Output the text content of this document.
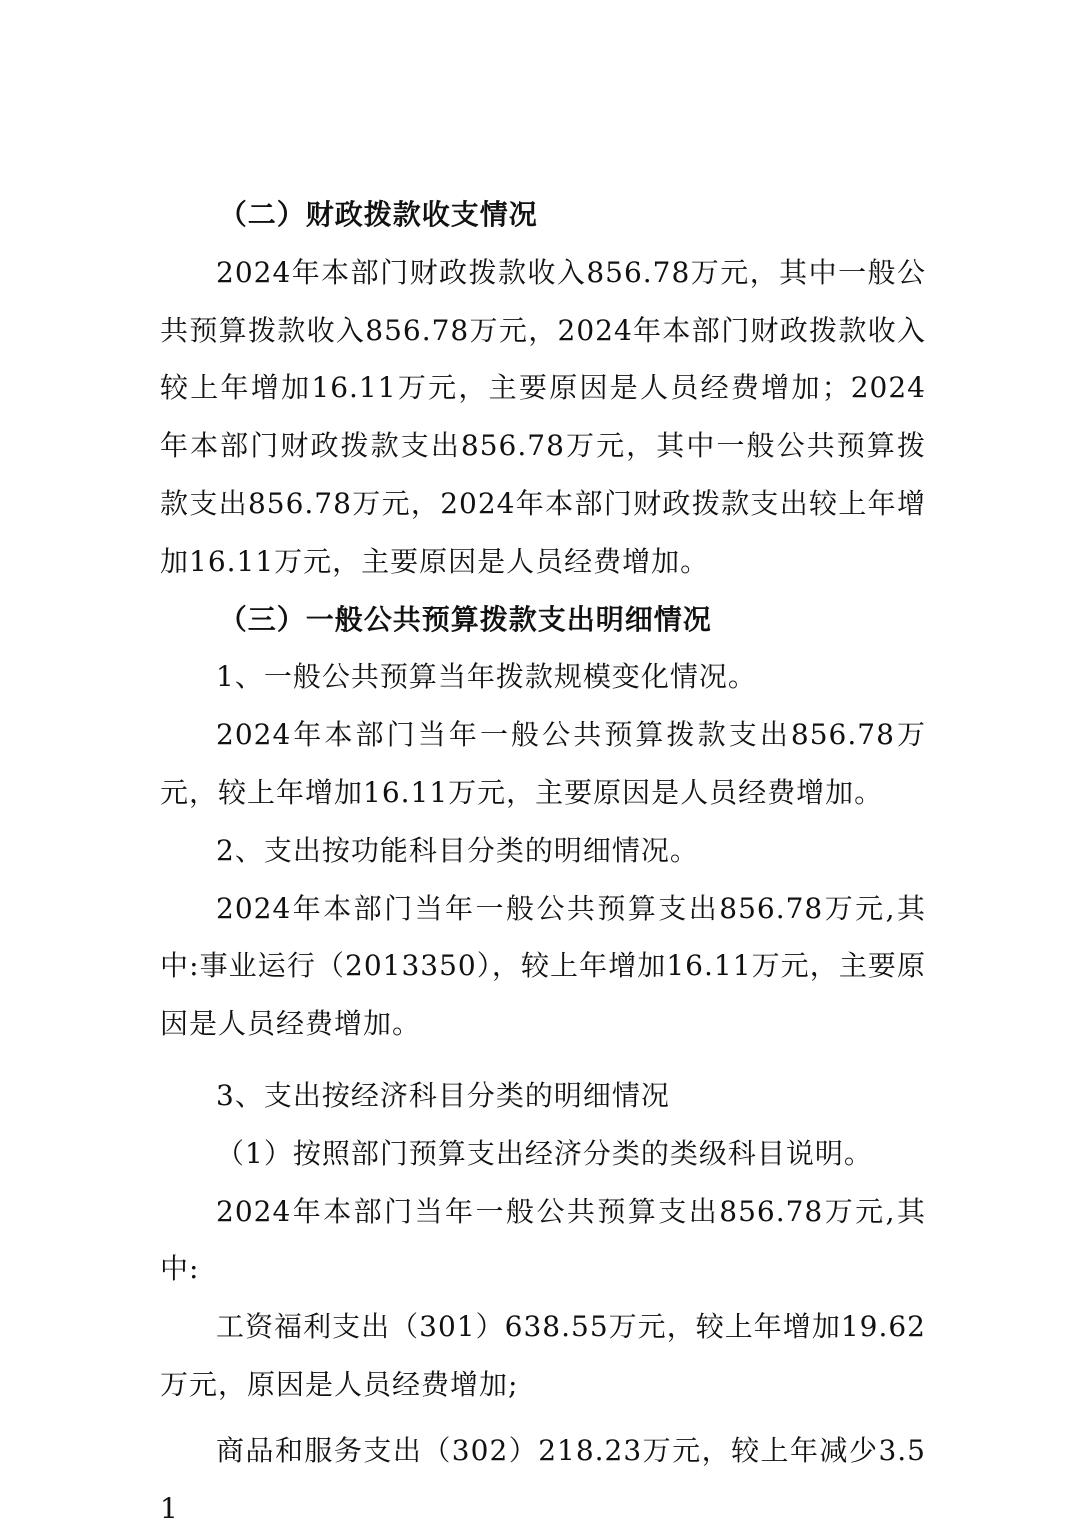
（二）财政拨款收支情况

2024年本部门财政拨款收入856.78万元，其中一般公共预算拨款收入856.78万元，2024年本部门财政拨款收入较上年增加16.11万元，主要原因是人员经费增加；2024年本部门财政拨款支出856.78万元，其中一般公共预算拨款支出856.78万元，2024年本部门财政拨款支出较上年增加16.11万元，主要原因是人员经费增加。

（三）一般公共预算拨款支出明细情况

1、一般公共预算当年拨款规模变化情况。

2024年本部门当年一般公共预算拨款支出856.78万元，较上年增加16.11万元，主要原因是人员经费增加。

2、支出按功能科目分类的明细情况。

2024年本部门当年一般公共预算支出856.78万元,其中:事业运行（2013350），较上年增加16.11万元，主要原因是人员经费增加。

3、支出按经济科目分类的明细情况

（1）按照部门预算支出经济分类的类级科目说明。

2024年本部门当年一般公共预算支出856.78万元,其中:

工资福利支出（301）638.55万元，较上年增加19.62万元，原因是人员经费增加;

商品和服务支出（302）218.23万元，较上年减少3.51
